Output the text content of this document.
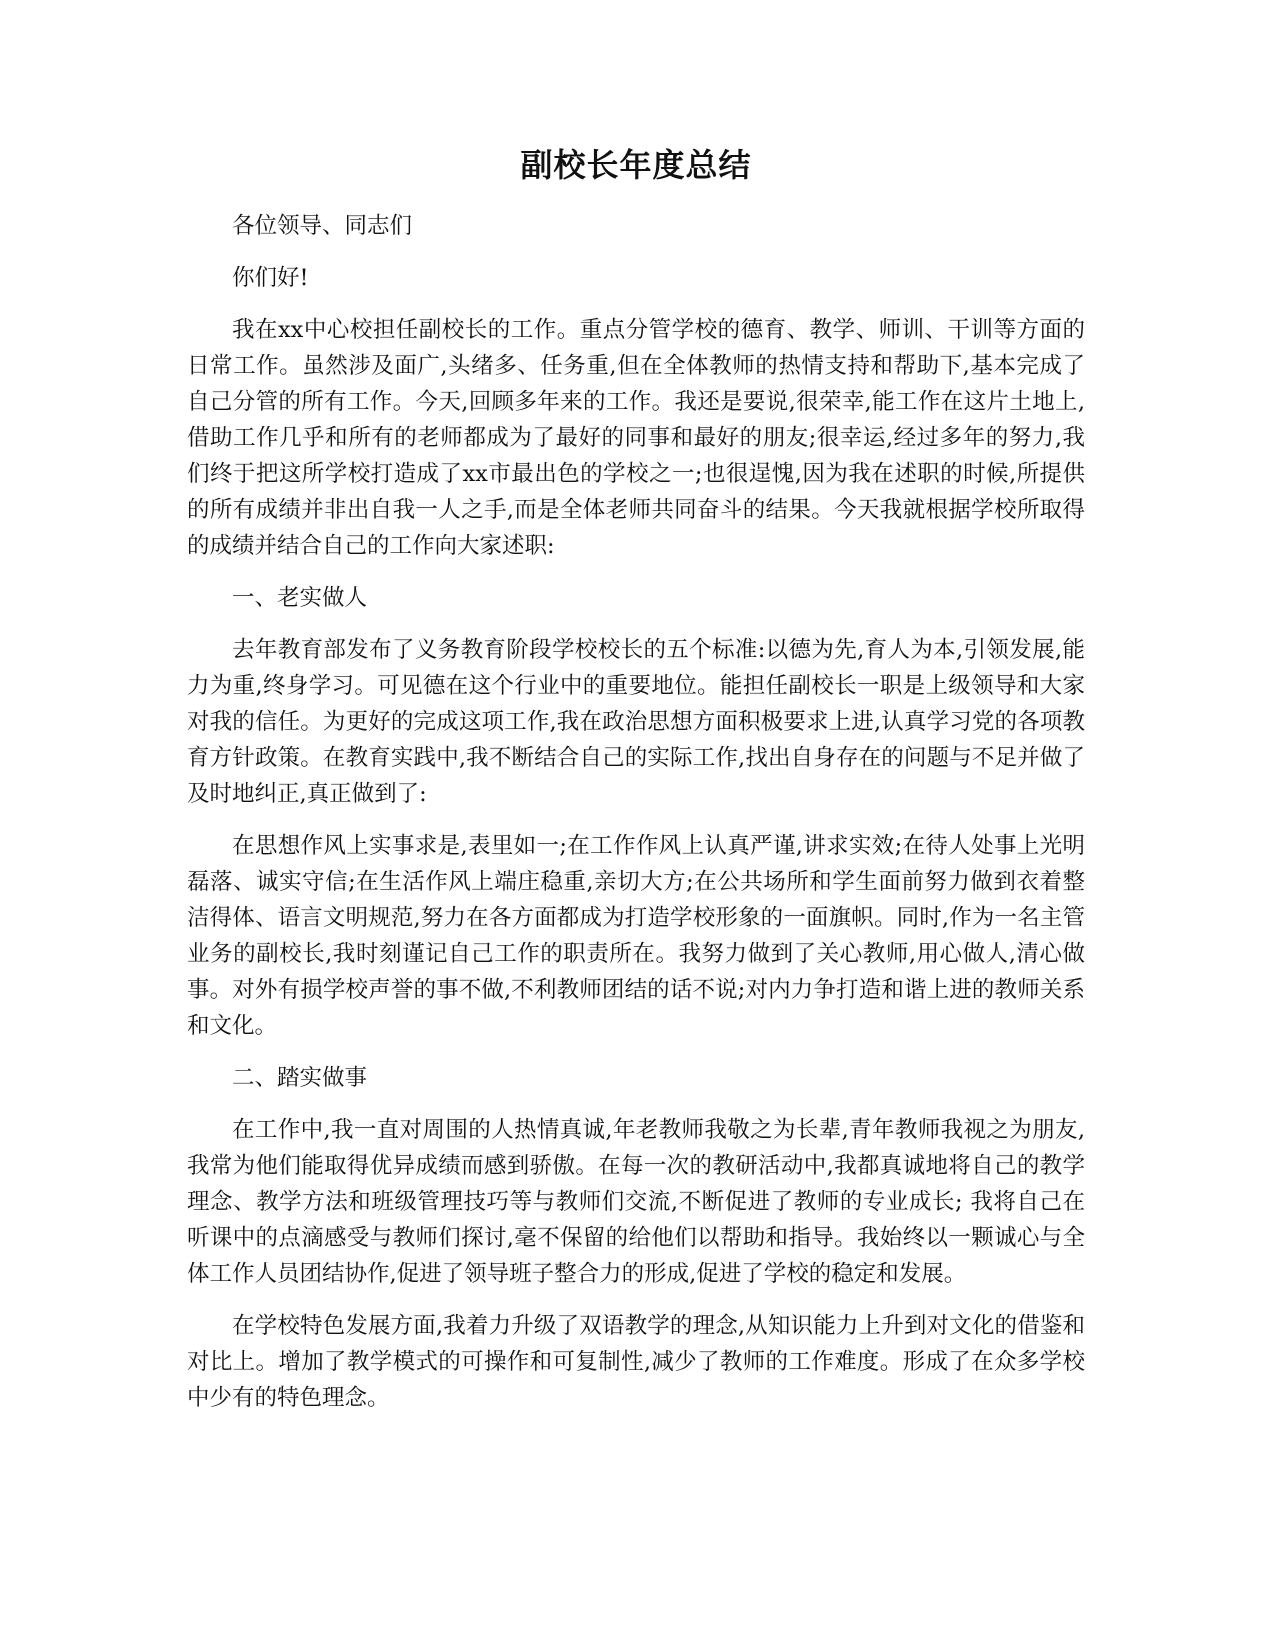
副校长年度总结

各位领导、同志们

你们好!

我在xx中心校担任副校长的工作。重点分管学校的德育、教学、师训、干训等方面的日常工作。虽然涉及面广,头绪多、任务重,但在全体教师的热情支持和帮助下,基本完成了自己分管的所有工作。今天,回顾多年来的工作。我还是要说,很荣幸,能工作在这片土地上,借助工作几乎和所有的老师都成为了最好的同事和最好的朋友;很幸运,经过多年的努力,我们终于把这所学校打造成了xx市最出色的学校之一;也很逞愧,因为我在述职的时候,所提供的所有成绩并非出自我一人之手,而是全体老师共同奋斗的结果。今天我就根据学校所取得的成绩并结合自己的工作向大家述职:

一、老实做人

去年教育部发布了义务教育阶段学校校长的五个标准:以德为先,育人为本,引领发展,能力为重,终身学习。可见德在这个行业中的重要地位。能担任副校长一职是上级领导和大家对我的信任。为更好的完成这项工作,我在政治思想方面积极要求上进,认真学习党的各项教育方针政策。在教育实践中,我不断结合自己的实际工作,找出自身存在的问题与不足并做了及时地纠正,真正做到了:

在思想作风上实事求是,表里如一;在工作作风上认真严谨,讲求实效;在待人处事上光明磊落、诚实守信;在生活作风上端庄稳重,亲切大方;在公共场所和学生面前努力做到衣着整洁得体、语言文明规范,努力在各方面都成为打造学校形象的一面旗帜。同时,作为一名主管业务的副校长,我时刻谨记自己工作的职责所在。我努力做到了关心教师,用心做人,清心做事。对外有损学校声誉的事不做,不利教师团结的话不说;对内力争打造和谐上进的教师关系和文化。

二、踏实做事

在工作中,我一直对周围的人热情真诚,年老教师我敬之为长辈,青年教师我视之为朋友,我常为他们能取得优异成绩而感到骄傲。在每一次的教研活动中,我都真诚地将自己的教学理念、教学方法和班级管理技巧等与教师们交流,不断促进了教师的专业成长; 我将自己在听课中的点滴感受与教师们探讨,毫不保留的给他们以帮助和指导。我始终以一颗诚心与全体工作人员团结协作,促进了领导班子整合力的形成,促进了学校的稳定和发展。

在学校特色发展方面,我着力升级了双语教学的理念,从知识能力上升到对文化的借鉴和对比上。增加了教学模式的可操作和可复制性,减少了教师的工作难度。形成了在众多学校中少有的特色理念。
